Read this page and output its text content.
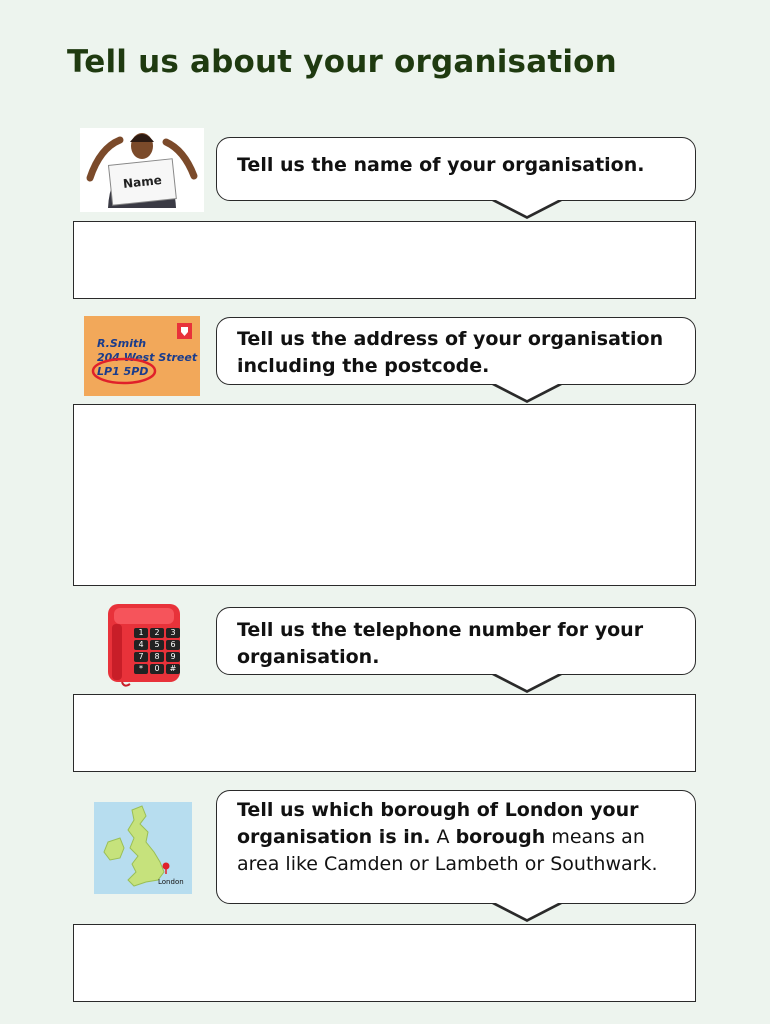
Tell us about your organisation
Name
Tell us the name of your organisation.
R.Smith
204 West Street
LP1 5PD
Tell us the address of your organisation including the postcode.
1	2	3
4	5	6
7	8	9
*	0	#
Tell us the telephone number for your organisation.
London
Tell us which borough of London your organisation is in. A borough means an area like Camden or Lambeth or Southwark.
